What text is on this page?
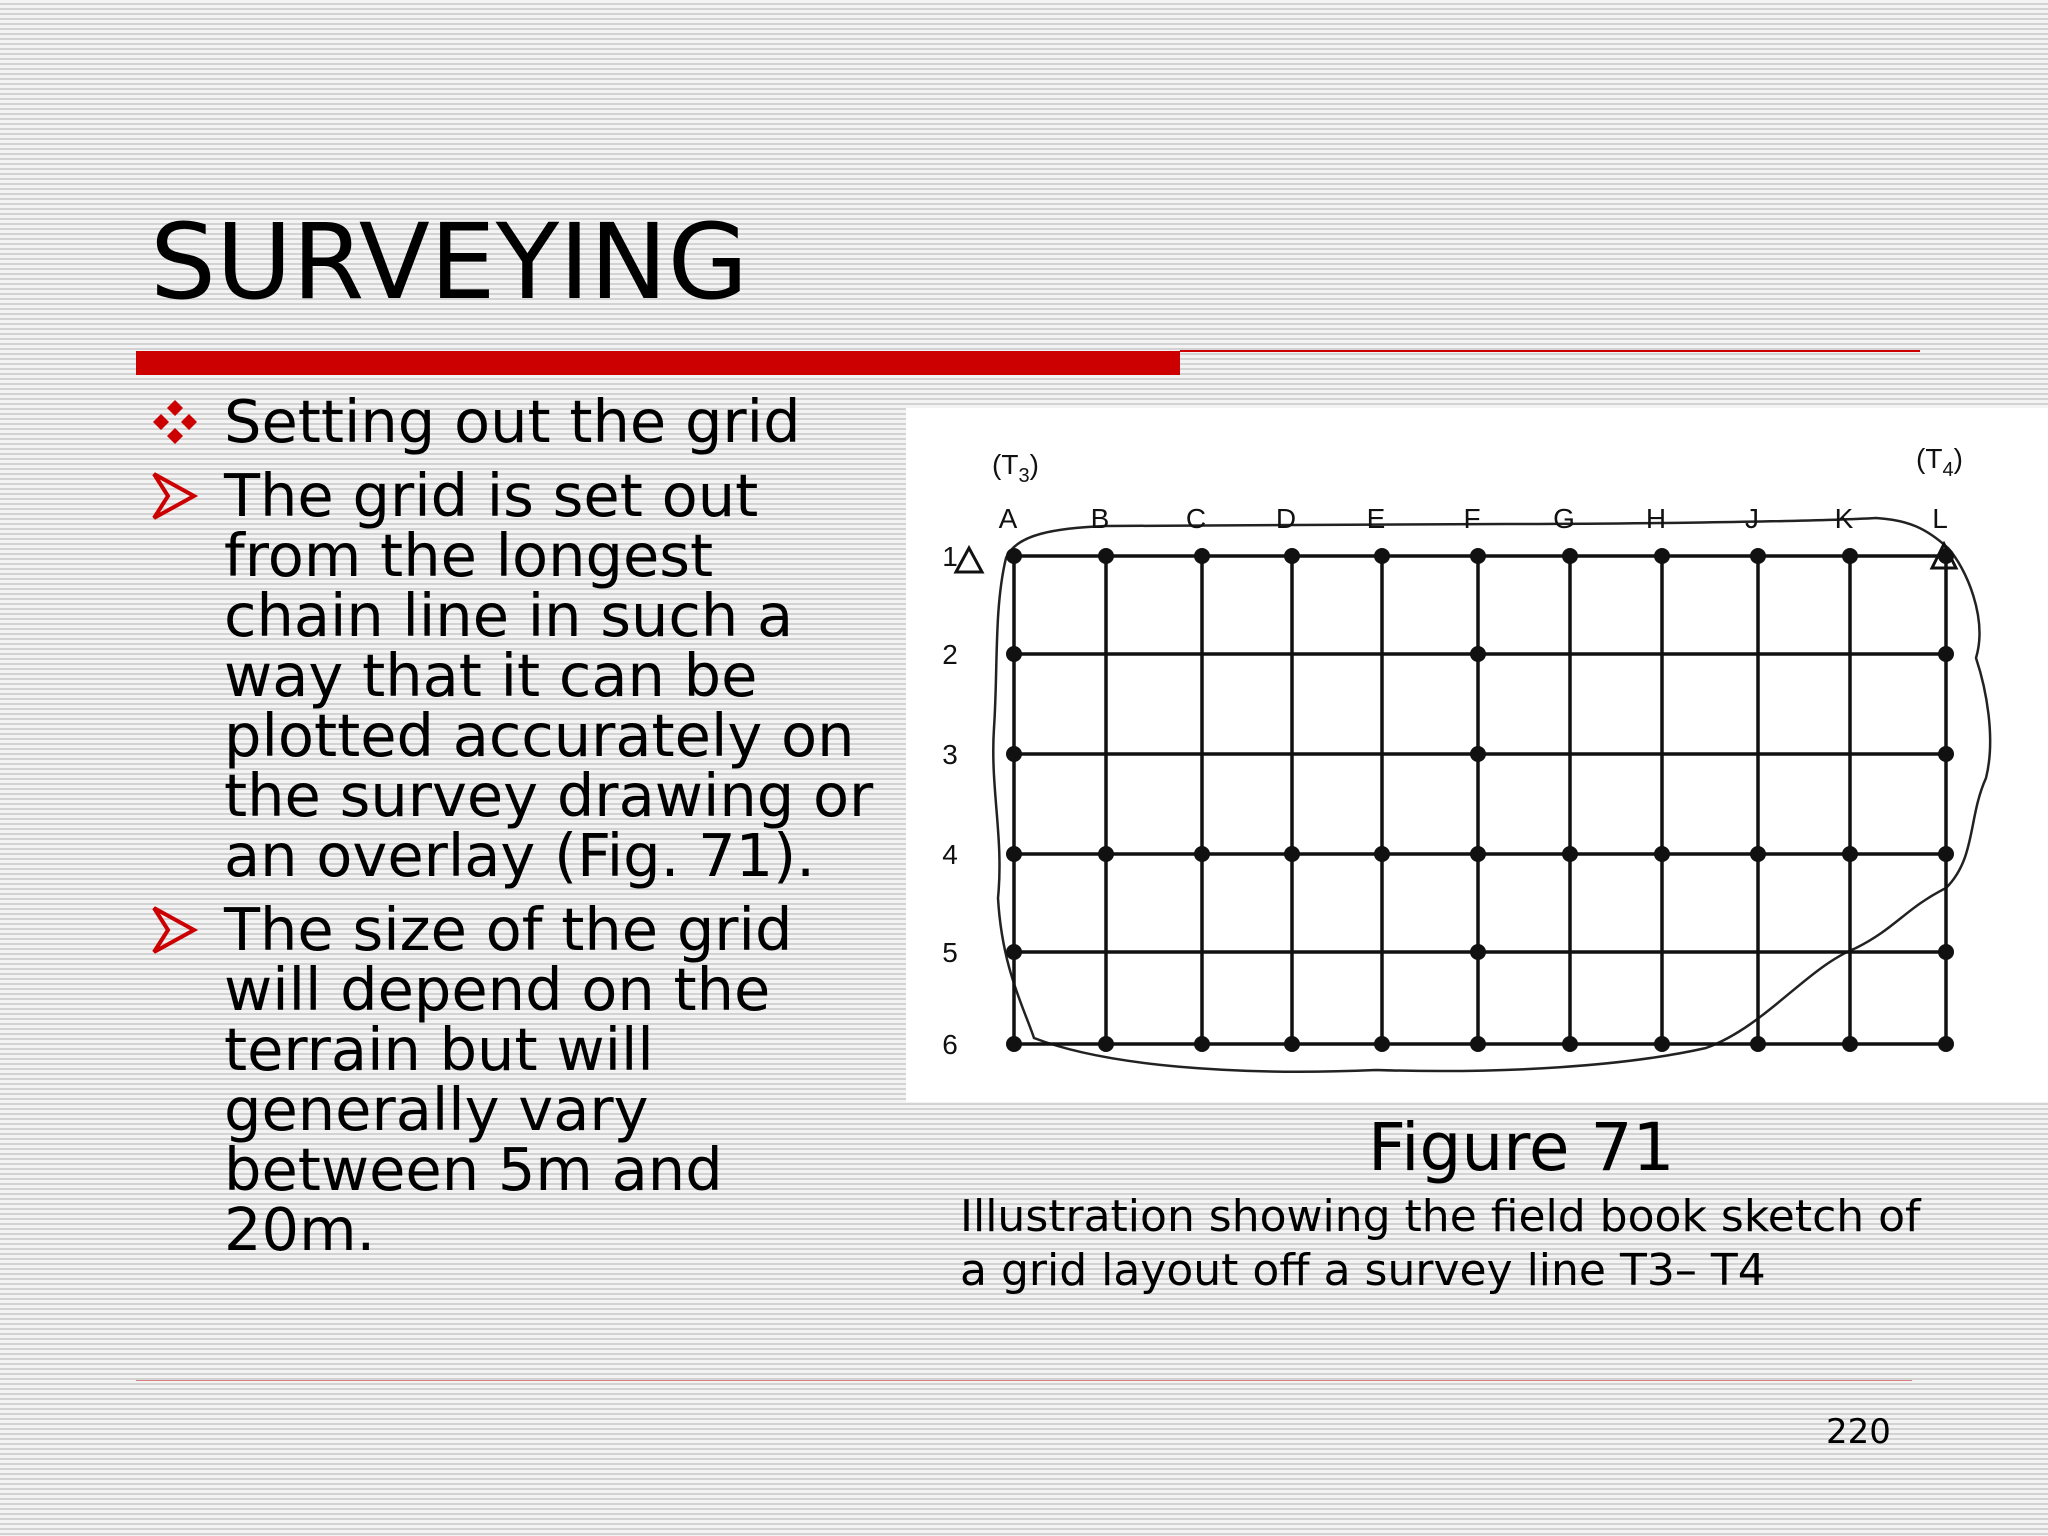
SURVEYING
Setting out the grid
The grid is set out from the longest chain line in such a way that it can be plotted accurately on the survey drawing or an overlay (Fig. 71).
The size of the grid will depend on the terrain but will generally vary between 5m and 20m.
A	B	C D	E	F	G	H	J	K	L
1
2
3
4
5
6
$(T_3)$	$(T_4)$

Figure 71

Illustration showing the field book sketch of a grid layout off a survey line T3– T4

220
